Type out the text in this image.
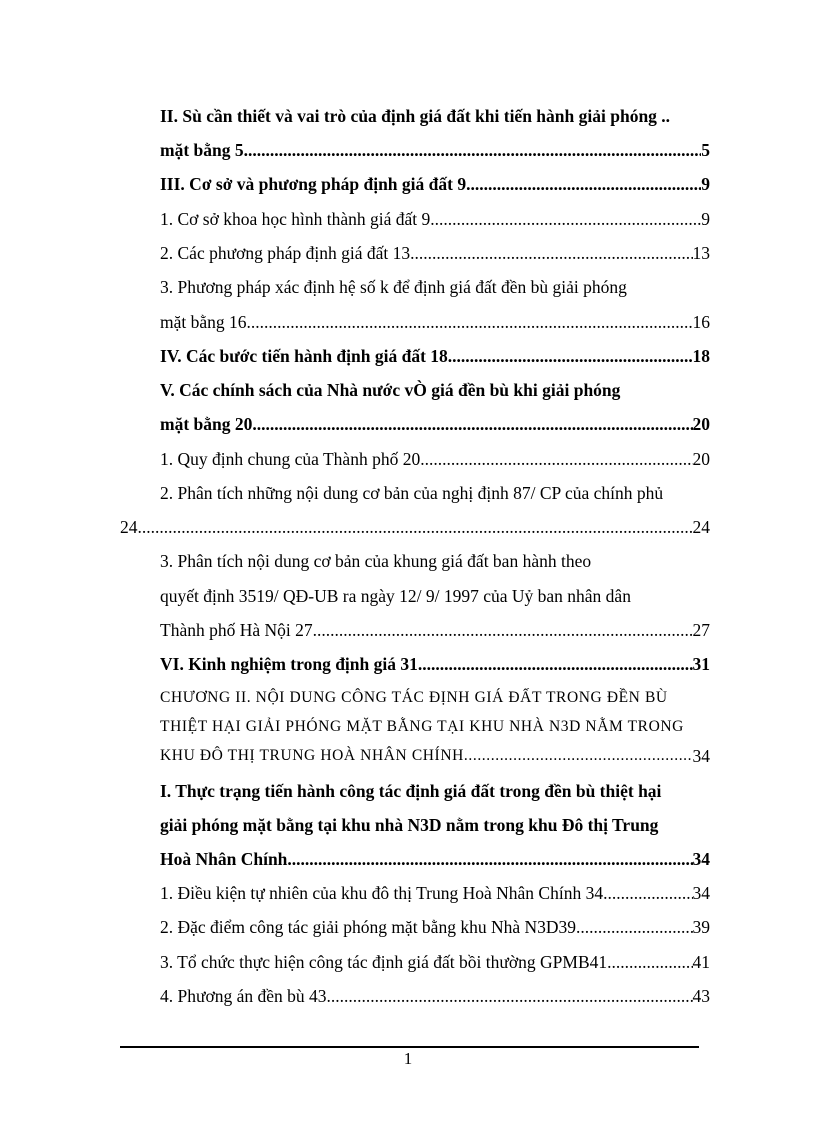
II. Sù cần thiết và vai trò của định giá đất khi tiến hành giải phóng ..
mặt bằng 5 .....	5
III. Cơ sở và phương pháp định giá đất 9 .....	9
1. Cơ sở khoa học hình thành giá đất 9 .....	9
2. Các phương pháp định giá đất 13 .....	13
3. Phương pháp xác định hệ số k để định giá đất đền bù giải phóng
mặt bằng 16 .....	16
IV. Các bước tiến hành định giá đất 18 .....	18
V. Các chính sách của Nhà nước vÒ giá đền bù khi giải phóng
mặt bằng 20 .....	20
1. Quy định chung của Thành phố 20 .....	20
2. Phân tích những nội dung cơ bản của nghị định 87/ CP của chính phủ
24 .....	24
3. Phân tích nội dung cơ bản của khung giá đất ban hành theo
quyết định 3519/ QĐ-UB ra ngày 12/ 9/ 1997 của Uỷ ban nhân dân
Thành phố Hà Nội 27 .....	27
VI. Kinh nghiệm trong định giá 31 .....	31
CHƯƠNG II. NỘI DUNG CÔNG TÁC ĐỊNH GIÁ ĐẤT TRONG ĐỀN BÙ
THIỆT HẠI GIẢI PHÓNG MẶT BẰNG TẠI KHU NHÀ N3D NẰM TRONG
KHU ĐÔ THỊ TRUNG HOÀ NHÂN CHÍNH .....	34
I. Thực trạng tiến hành công tác định giá đất trong đền bù thiệt hại
giải phóng mặt bằng tại khu nhà N3D nằm trong khu Đô thị Trung
Hoà Nhân Chính .....	34
1. Điều kiện tự nhiên của khu đô thị Trung Hoà Nhân Chính 34 .....	34
2. Đặc điểm công tác giải phóng mặt bằng khu Nhà N3D39 .....	39
3. Tổ chức thực hiện công tác định giá đất bồi thường GPMB41 .....	41
4. Phương án đền bù 43 .....	43
1
